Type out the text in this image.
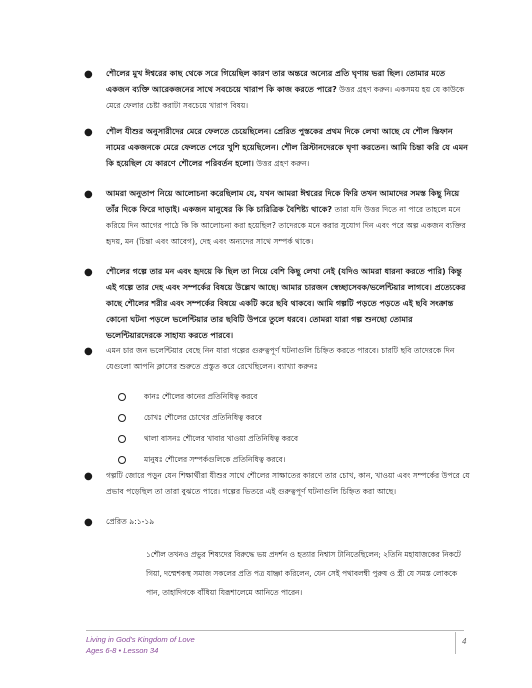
●	শৌলের মুখ ঈশ্বরের কাছ থেকে সরে গিয়েছিল কারণ তার অন্তরে অন্যের প্রতি ঘৃণায় ভরা ছিল। তোমার মতে একজন ব্যক্তি আরেকজনের সাথে সবচেয়ে খারাপ কি কাজ করতে পারে? উত্তর গ্রহণ করুন। একসময় হয় যে কাউকে মেরে ফেলার চেষ্টা করাটা সবচেয়ে খারাপ বিষয়।
●	শৌল যীশুর অনুসারীদের মেরে ফেলতে চেয়েছিলেন। প্রেরিত পুস্তকের প্রথম দিকে লেখা আছে যে শৌল স্তিফান নামের একজনকে মেরে ফেলতে পেরে খুশি হয়েছিলেন। শৌল খ্রিস্টানদেরকে ঘৃণা করতেন। আমি চিন্তা করি যে এমন কি হয়েছিল যে কারণে শৌলের পরিবর্তন হলো। উত্তর গ্রহণ করুন।
●	আমরা অনুতাপ নিয়ে আলোচনা করেছিলাম যে, যখন আমরা ঈশ্বরের দিকে ফিরি তখন আমাদের সমস্ত কিছু নিয়ে তাঁর দিকে ফিরে দাড়াই। একজন মানুষের কি কি চারিত্রিক বৈশিষ্ট্য থাকে? তারা যদি উত্তর দিতে না পারে তাহলে মনে করিয়ে দিন আগের পাঠে কি কি আলোচনা করা হয়েছিল? তাদেরকে মনে করার সুযোগ দিন এবং পরে অল্প একজন ব্যক্তির হৃদয়, মন (চিন্তা এবং আবেগ), দেহ এবং অন্যদের সাথে সম্পর্ক থাকে।
●	শৌলের গল্পে তার মন এবং হৃদয়ে কি ছিল তা নিয়ে বেশি কিছু লেখা নেই (যদিও আমরা ধারনা করতে পারি) কিন্তু এই গল্পে তার দেহ এবং সম্পর্কের বিষয়ে উল্লেখ আছে। আমার চারজন স্বেচ্ছাসেবক/ভলেন্টিয়ার লাগবে। প্রত্যেকের কাছে শৌলের শরীর এবং সম্পর্কের বিষয়ে একটি করে ছবি থাকবে। আমি গল্পটি পড়তে পড়তে এই ছবি সংক্রান্ত কোনো ঘটনা পড়লে ভলেন্টিয়ার তার ছবিটি উপরে তুলে ধরবে। তোমরা যারা গল্প শুনছো তোমার ভলেন্টিয়ারদেরকে সাহায্য করতে পারবে।
●	এমন চার জন ভলেন্টিয়ার বেছে নিন যারা গল্পের গুরুত্বপূর্ণ ঘটনাগুলি চিহ্নিত করতে পারবে। চারটি ছবি তাদেরকে দিন যেগুলো আপনি ক্লাসের শুরুতে প্রস্তুত করে রেখেছিলেন। ব্যাখ্যা করুনঃ
কানঃ শৌলের কানের প্রতিনিধিত্ব করবে
চোখঃ শৌলের চোখের প্রতিনিধিত্ব করবে
থালা বাসনঃ শৌলের খাবার খাওয়া প্রতিনিধিত্ব করবে
মানুষঃ শৌলের সম্পর্কগুলিকে প্রতিনিধিত্ব করবে।
●	গল্পটি জোরে পড়ুন যেন শিক্ষার্থীরা যীশুর সাথে শৌলের সাক্ষাতের কারণে তার চোখ, কান, খাওয়া এবং সম্পর্কের উপরে যে প্রভাব পড়েছিল তা তারা বুঝতে পারে। গল্পের ভিতরে এই গুরুত্বপূর্ণ ঘটনাগুলি চিহ্নিত করা আছে।
●	প্রেরিত ৯:১-১৯
১শৌল তখনও প্রভুর শিষ্যদের বিরুদ্ধে ভয় প্রদর্শন ও হত্যার নিশ্বাস টানিতেছিলেন; ২তিনি মহাযাজকের নিকটে গিয়া, দম্মেশকস্থ সমাজ সকলের প্রতি পত্র যাচ্ঞা করিলেন, যেন সেই পথাবলম্বী পুরুষ ও স্ত্রী যে সমস্ত লোককে পান, তাহাদিগকে বাঁধিয়া যিরূশালেমে আনিতে পারেন।
Living in God's Kingdom of Love
Ages 6-8 • Lesson 34
4
